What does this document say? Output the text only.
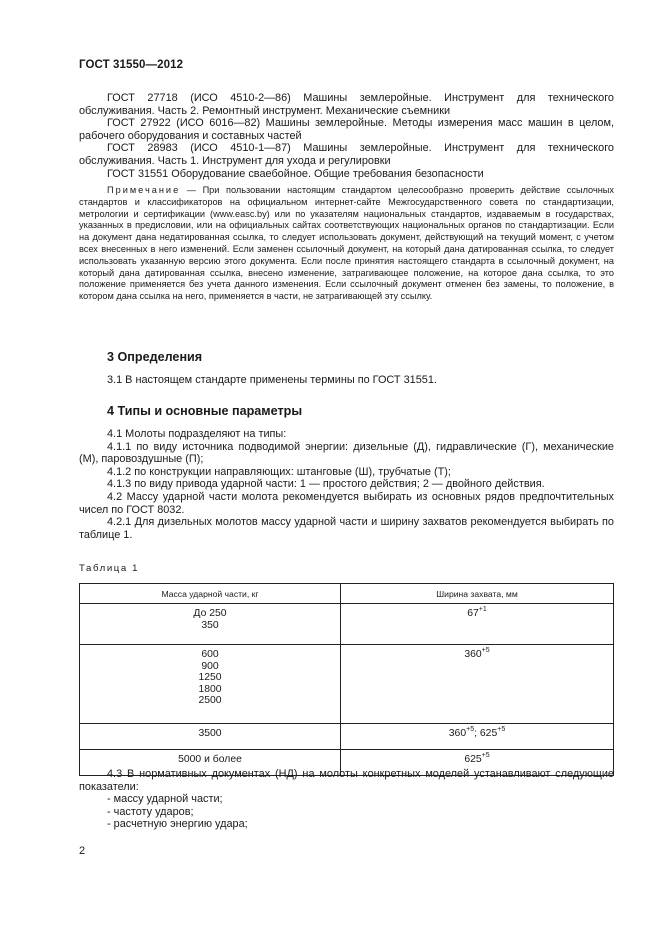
ГОСТ 31550—2012

ГОСТ 27718 (ИСО 4510-2—86) Машины землеройные. Инструмент для технического обслуживания. Часть 2. Ремонтный инструмент. Механические съемники

ГОСТ 27922 (ИСО 6016—82) Машины землеройные. Методы измерения масс машин в целом, рабочего оборудования и составных частей

ГОСТ 28983 (ИСО 4510-1—87) Машины землеройные. Инструмент для технического обслуживания. Часть 1. Инструмент для ухода и регулировки

ГОСТ 31551 Оборудование сваебойное. Общие требования безопасности

Примечание — При пользовании настоящим стандартом целесообразно проверить действие ссылочных стандартов и классификаторов на официальном интернет-сайте Межгосударственного совета по стандартизации, метрологии и сертификации (www.easc.by) или по указателям национальных стандартов, издаваемым в государствах, указанных в предисловии, или на официальных сайтах соответствующих национальных органов по стандартизации. Если на документ дана недатированная ссылка, то следует использовать документ, действующий на текущий момент, с учетом всех внесенных в него изменений. Если заменен ссылочный документ, на который дана датированная ссылка, то следует использовать указанную версию этого документа. Если после принятия настоящего стандарта в ссылочный документ, на который дана датированная ссылка, внесено изменение, затрагивающее положение, на которое дана ссылка, то это положение применяется без учета данного изменения. Если ссылочный документ отменен без замены, то положение, в котором дана ссылка на него, применяется в части, не затрагивающей эту ссылку.

3 Определения

3.1 В настоящем стандарте применены термины по ГОСТ 31551.

4 Типы и основные параметры

4.1 Молоты подразделяют на типы:

4.1.1 по виду источника подводимой энергии: дизельные (Д), гидравлические (Г), механические (М), паровоздушные (П);

4.1.2 по конструкции направляющих: штанговые (Ш), трубчатые (Т);

4.1.3 по виду привода ударной части: 1 — простого действия; 2 — двойного действия.

4.2 Массу ударной части молота рекомендуется выбирать из основных рядов предпочтительных чисел по ГОСТ 8032.

4.2.1 Для дизельных молотов массу ударной части и ширину захватов рекомендуется выбирать по таблице 1.

Таблица 1
Масса ударной части, кг	Ширина захвата, мм

До 250
350	$67^{+1}$

600
900
1250
1800
2500	$360^{+5}$

3500	$360^{+5}$; $625^{+5}$

5000 и более	$625^{+5}$

4.3 В нормативных документах (НД) на молоты конкретных моделей устанавливают следующие показатели:

- массу ударной части;

- частоту ударов;

- расчетную энергию удара;

2
